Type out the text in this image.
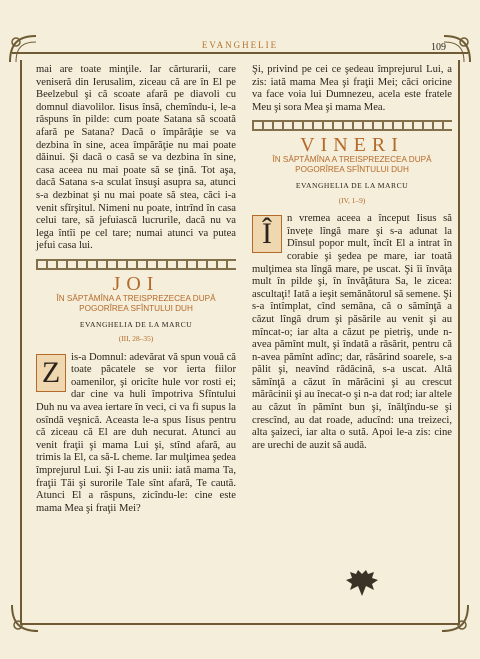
EVANGHELIE	109

mai are toate minţile. Iar cărturarii, care veniseră din Ierusalim, ziceau că are în El pe Beelzebul şi că scoate afară pe diavoli cu domnul diavolilor. Iisus însă, chemîndu-i, le-a răspuns în pilde: cum poate Satana să scoată afară pe Satana? Dacă o împărăţie se va dezbina în sine, acea împărăţie nu mai poate dăinui. Şi dacă o casă se va dezbina în sine, casa aceea nu mai poate să se ţină. Tot aşa, dacă Satana s-a sculat însuşi asupra sa, atunci s-a dezbinat şi nu mai poate să stea, căci i-a venit sfîrşitul. Nimeni nu poate, intrînd în casa celui tare, să jefuiască lucrurile, dacă nu va lega întîi pe cel tare; numai atunci va putea jefui casa lui.

JOI
ÎN SĂPTĂMÎNA A TREISPREZECEA DUPĂ POGORÎREA SFÎNTULUI DUH
EVANGHELIA DE LA MARCU
(III, 28–35)

Z	is-a Domnul: adevărat vă spun vouă că toate păcatele se vor ierta fiilor oamenilor, şi oricîte hule vor rosti ei; dar cine va huli împotriva Sfîntului Duh nu va avea iertare în veci, ci va fi supus la osîndă veşnică. Aceasta le-a spus Iisus pentru că ziceau că El are duh necurat. Atunci au venit fraţii şi mama Lui şi, stînd afară, au trimis la El, ca să-L cheme. Iar mulţimea şedea împrejurul Lui. Şi I-au zis unii: iată mama Ta, fraţii Tăi şi surorile Tale sînt afară, Te caută. Atunci El a răspuns, zicîndu-le: cine este mama Mea şi fraţii Mei?

Şi, privind pe cei ce şedeau împrejurul Lui, a zis: iată mama Mea şi fraţii Mei; căci oricine va face voia lui Dumnezeu, acela este fratele Meu şi sora Mea şi mama Mea.

VINERI
ÎN SĂPTĂMÎNA A TREISPREZECEA DUPĂ POGORÎREA SFÎNTULUI DUH
EVANGHELIA DE LA MARCU
(IV, 1–9)

Î	n vremea aceea a început Iisus să învețe lîngă mare şi s-a adunat la Dînsul popor mult, încît El a intrat în corabie şi şedea pe mare, iar toată mulţimea sta lîngă mare, pe uscat. Şi îi învăţa mult în pilde şi, în învăţătura Sa, le zicea: ascultaţi! Iată a ieşit semănătorul să semene. Şi s-a întîmplat, cînd semăna, că o sămînţă a căzut lîngă drum şi păsările au venit şi au mîncat-o; iar alta a căzut pe pietriş, unde n-avea pămînt mult, şi îndată a răsărit, pentru că n-avea pămînt adînc; dar, răsărind soarele, s-a pălit şi, neavînd rădăcină, s-a uscat. Altă sămînţă a căzut în mărăcini şi au crescut mărăcinii şi au înecat-o şi n-a dat rod; iar altele au căzut în pămînt bun şi, înălţîndu-se şi crescînd, au dat roade, aducînd: una treizeci, alta şaizeci, iar alta o sută. Apoi le-a zis: cine are urechi de auzit să audă.
